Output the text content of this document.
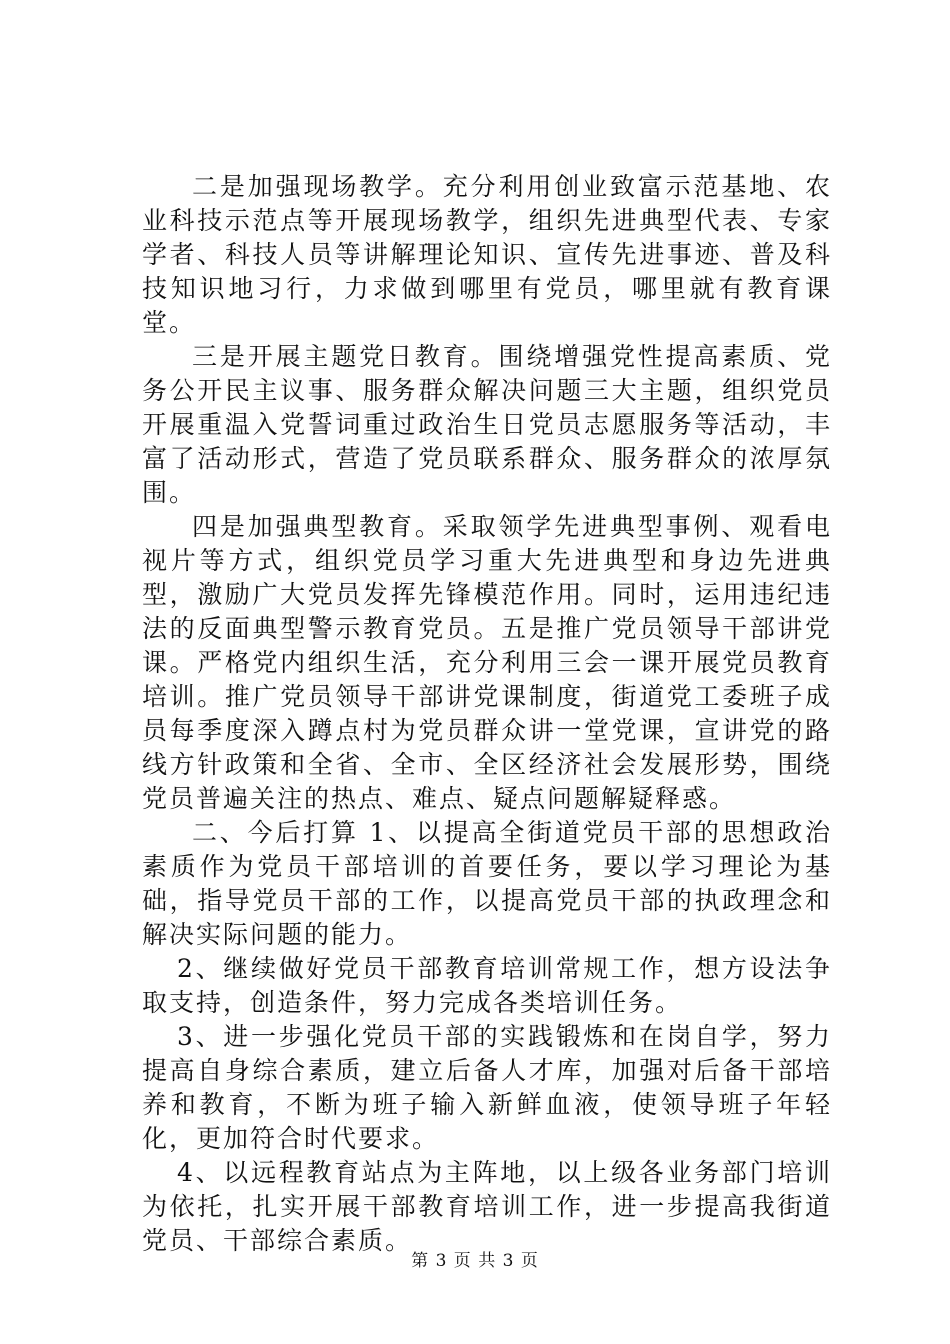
二是加强现场教学。充分利用创业致富示范基地、农业科技示范点等开展现场教学，组织先进典型代表、专家学者、科技人员等讲解理论知识、宣传先进事迹、普及科技知识地习行，力求做到哪里有党员，哪里就有教育课堂。

三是开展主题党日教育。围绕增强党性提高素质、党务公开民主议事、服务群众解决问题三大主题，组织党员开展重温入党誓词重过政治生日党员志愿服务等活动，丰富了活动形式，营造了党员联系群众、服务群众的浓厚氛围。

四是加强典型教育。采取领学先进典型事例、观看电视片等方式，组织党员学习重大先进典型和身边先进典型，激励广大党员发挥先锋模范作用。同时，运用违纪违法的反面典型警示教育党员。五是推广党员领导干部讲党课。严格党内组织生活，充分利用三会一课开展党员教育培训。推广党员领导干部讲党课制度，街道党工委班子成员每季度深入蹲点村为党员群众讲一堂党课，宣讲党的路线方针政策和全省、全市、全区经济社会发展形势，围绕党员普遍关注的热点、难点、疑点问题解疑释惑。

二、今后打算 1、以提高全街道党员干部的思想政治素质作为党员干部培训的首要任务，要以学习理论为基础，指导党员干部的工作，以提高党员干部的执政理念和解决实际问题的能力。

2、继续做好党员干部教育培训常规工作，想方设法争取支持，创造条件，努力完成各类培训任务。

3、进一步强化党员干部的实践锻炼和在岗自学，努力提高自身综合素质，建立后备人才库，加强对后备干部培养和教育，不断为班子输入新鲜血液，使领导班子年轻化，更加符合时代要求。

4、以远程教育站点为主阵地，以上级各业务部门培训为依托，扎实开展干部教育培训工作，进一步提高我街道党员、干部综合素质。

第 3 页 共 3 页
